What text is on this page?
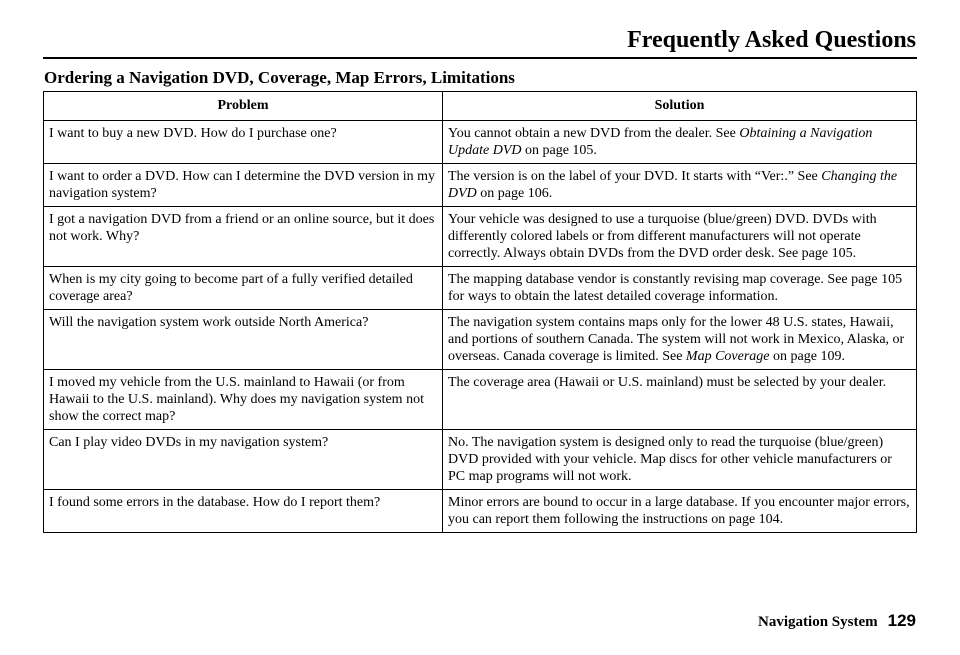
Frequently Asked Questions
Ordering a Navigation DVD, Coverage, Map Errors, Limitations
Problem	Solution
I want to buy a new DVD. How do I purchase one?	You cannot obtain a new DVD from the dealer. See Obtaining a Navigation Update DVD on page 105.
I want to order a DVD. How can I determine the DVD version in my navigation system?	The version is on the label of your DVD. It starts with “Ver:.” See Changing the DVD on page 106.
I got a navigation DVD from a friend or an online source, but it does not work. Why?	Your vehicle was designed to use a turquoise (blue/green) DVD. DVDs with differently colored labels or from different manufacturers will not operate correctly. Always obtain DVDs from the DVD order desk. See page 105.
When is my city going to become part of a fully verified detailed coverage area?	The mapping database vendor is constantly revising map coverage. See page 105 for ways to obtain the latest detailed coverage information.
Will the navigation system work outside North America?	The navigation system contains maps only for the lower 48 U.S. states, Hawaii, and portions of southern Canada. The system will not work in Mexico, Alaska, or overseas. Canada coverage is limited. See Map Coverage on page 109.
I moved my vehicle from the U.S. mainland to Hawaii (or from Hawaii to the U.S. mainland). Why does my navigation system not show the correct map?	The coverage area (Hawaii or U.S. mainland) must be selected by your dealer.
Can I play video DVDs in my navigation system?	No. The navigation system is designed only to read the turquoise (blue/green) DVD provided with your vehicle. Map discs for other vehicle manufacturers or PC map programs will not work.
I found some errors in the database. How do I report them?	Minor errors are bound to occur in a large database. If you encounter major errors, you can report them following the instructions on page 104.
Navigation System 129
